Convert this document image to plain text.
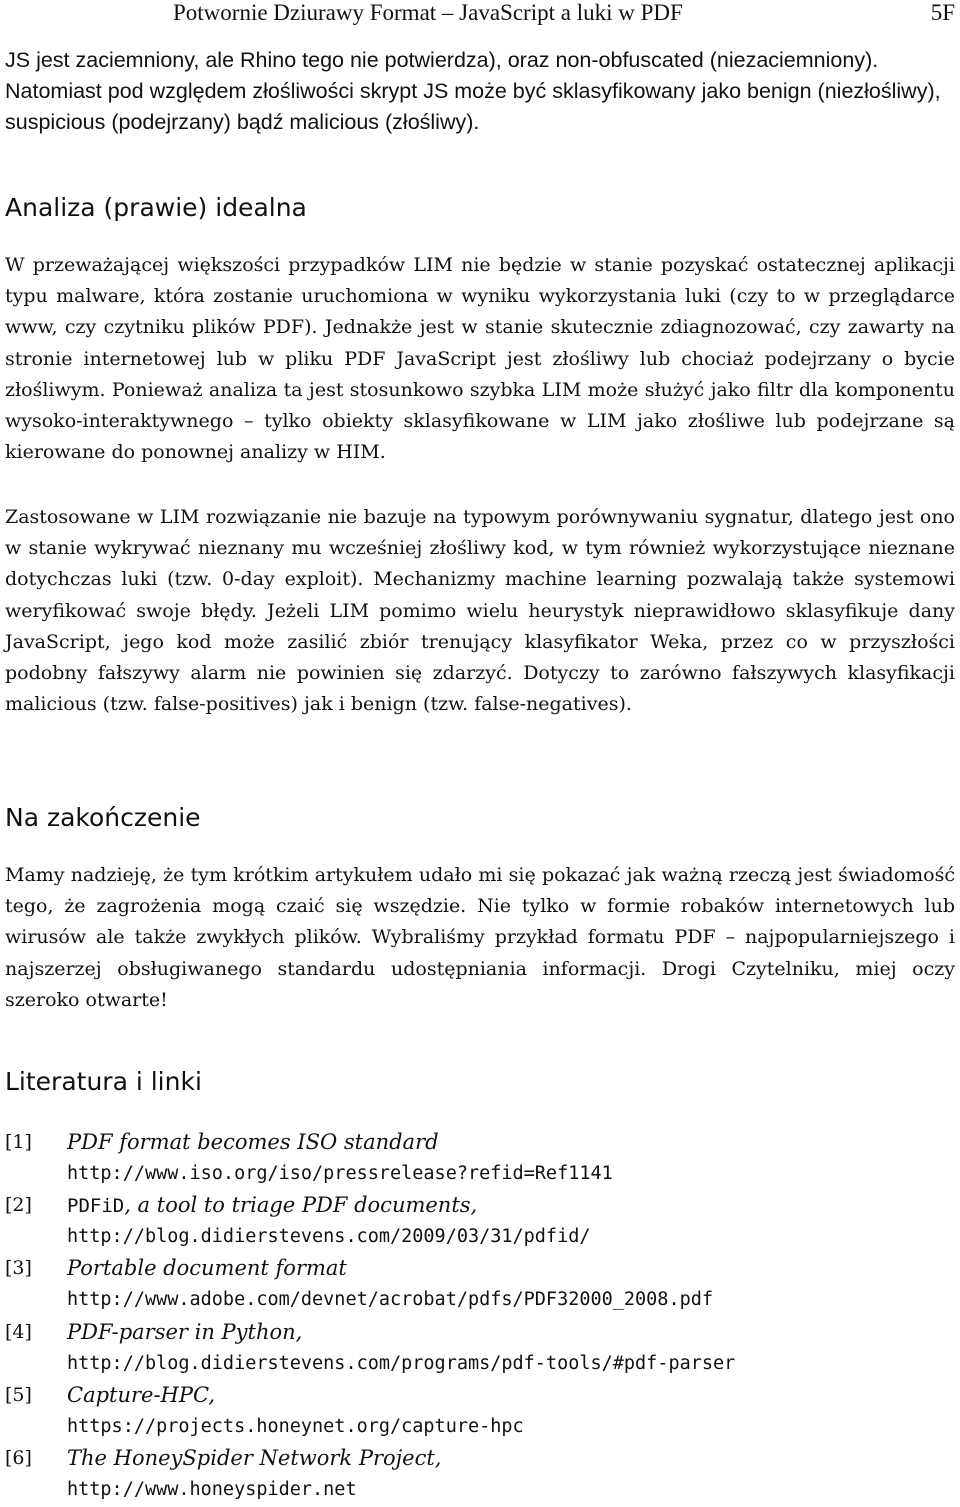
Potwornie Dziurawy Format – JavaScript a luki w PDF	5F

JS jest zaciemniony, ale Rhino tego nie potwierdza), oraz non-obfuscated (niezaciemniony). Natomiast pod względem złośliwości skrypt JS może być sklasyfikowany jako benign (niezłośliwy), suspicious (podejrzany) bądź malicious (złośliwy).

Analiza (prawie) idealna

W przeważającej większości przypadków LIM nie będzie w stanie pozyskać ostatecznej aplikacji typu malware, która zostanie uruchomiona w wyniku wykorzystania luki (czy to w przeglądarce www, czy czytniku plików PDF). Jednakże jest w stanie skutecznie zdiagnozować, czy zawarty na stronie internetowej lub w pliku PDF JavaScript jest złośliwy lub chociaż podejrzany o bycie złośliwym. Ponieważ analiza ta jest stosunkowo szybka LIM może służyć jako filtr dla komponentu wysoko-interaktywnego – tylko obiekty sklasyfikowane w LIM jako złośliwe lub podejrzane są kierowane do ponownej analizy w HIM.

Zastosowane w LIM rozwiązanie nie bazuje na typowym porównywaniu sygnatur, dlatego jest ono w stanie wykrywać nieznany mu wcześniej złośliwy kod, w tym również wykorzystujące nieznane dotychczas luki (tzw. 0-day exploit). Mechanizmy machine learning pozwalają także systemowi weryfikować swoje błędy. Jeżeli LIM pomimo wielu heurystyk nieprawidłowo sklasyfikuje dany JavaScript, jego kod może zasilić zbiór trenujący klasyfikator Weka, przez co w przyszłości podobny fałszywy alarm nie powinien się zdarzyć. Dotyczy to zarówno fałszywych klasyfikacji malicious (tzw. false-positives) jak i benign (tzw. false-negatives).

Na zakończenie

Mamy nadzieję, że tym krótkim artykułem udało mi się pokazać jak ważną rzeczą jest świadomość tego, że zagrożenia mogą czaić się wszędzie. Nie tylko w formie robaków internetowych lub wirusów ale także zwykłych plików. Wybraliśmy przykład formatu PDF – najpopularniejszego i najszerzej obsługiwanego standardu udostępniania informacji. Drogi Czytelniku, miej oczy szeroko otwarte!

Literatura i linki
[1] PDF format becomes ISO standard
http://www.iso.org/iso/pressrelease?refid=Ref1141
[2] PDFiD, a tool to triage PDF documents,
http://blog.didierstevens.com/2009/03/31/pdfid/
[3] Portable document format
http://www.adobe.com/devnet/acrobat/pdfs/PDF32000_2008.pdf
[4] PDF-parser in Python,
http://blog.didierstevens.com/programs/pdf-tools/#pdf-parser
[5] Capture-HPC,
https://projects.honeynet.org/capture-hpc
[6] The HoneySpider Network Project,
http://www.honeyspider.net
